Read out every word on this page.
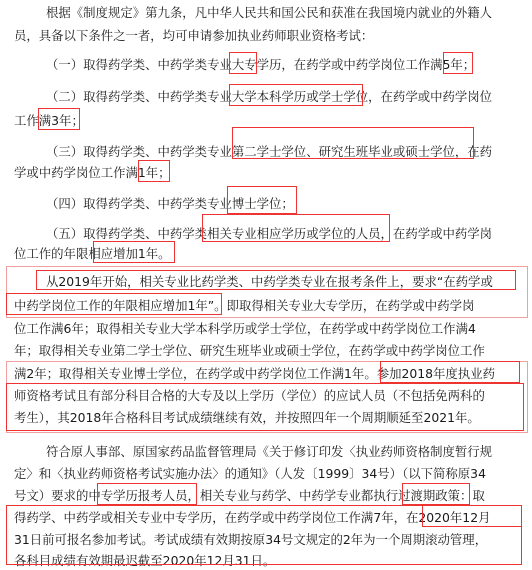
根据《制度规定》第九条，凡中华人民共和国公民和获准在我国境内就业的外籍人
员，具备以下条件之一者，均可申请参加执业药师职业资格考试：
（一）取得药学类、中药学类专业大专学历，在药学或中药学岗位工作满5年；
（二）取得药学类、中药学类专业大学本科学历或学士学位，在药学或中药学岗位
工作满3年；
（三）取得药学类、中药学类专业第二学士学位、研究生班毕业或硕士学位，在药
学或中药学岗位工作满1年；
（四）取得药学类、中药学类专业博士学位；
（五）取得药学类、中药学类相关专业相应学历或学位的人员，在药学或中药学岗
位工作的年限相应增加1年。
从2019年开始，相关专业比药学类、中药学类专业在报考条件上，要求“在药学或
中药学岗位工作的年限相应增加1年”。即取得相关专业大专学历，在药学或中药学岗
位工作满6年；取得相关专业大学本科学历或学士学位，在药学或中药学岗位工作满4
年；取得相关专业第二学士学位、研究生班毕业或硕士学位，在药学或中药学岗位工作
满2年；取得相关专业博士学位，在药学或中药学岗位工作满1年。参加2018年度执业药
师资格考试且有部分科目合格的大专及以上学历（学位）的应试人员（不包括免两科的
考生），其2018年合格科目考试成绩继续有效，并按照四年一个周期顺延至2021年。
符合原人事部、原国家药品监督管理局《关于修订印发〈执业药师资格制度暂行规
定〉和〈执业药师资格考试实施办法〉的通知》（人发〔1999〕34号）（以下简称原34
号文）要求的中专学历报考人员，相关专业与药学、中药学专业都执行过渡期政策：取
得药学、中药学或相关专业中专学历，在药学或中药学岗位工作满7年，在2020年12月
31日前可报名参加考试。考试成绩有效期按原34号文规定的2年为一个周期滚动管理，
各科目成绩有效期最迟截至2020年12月31日。
